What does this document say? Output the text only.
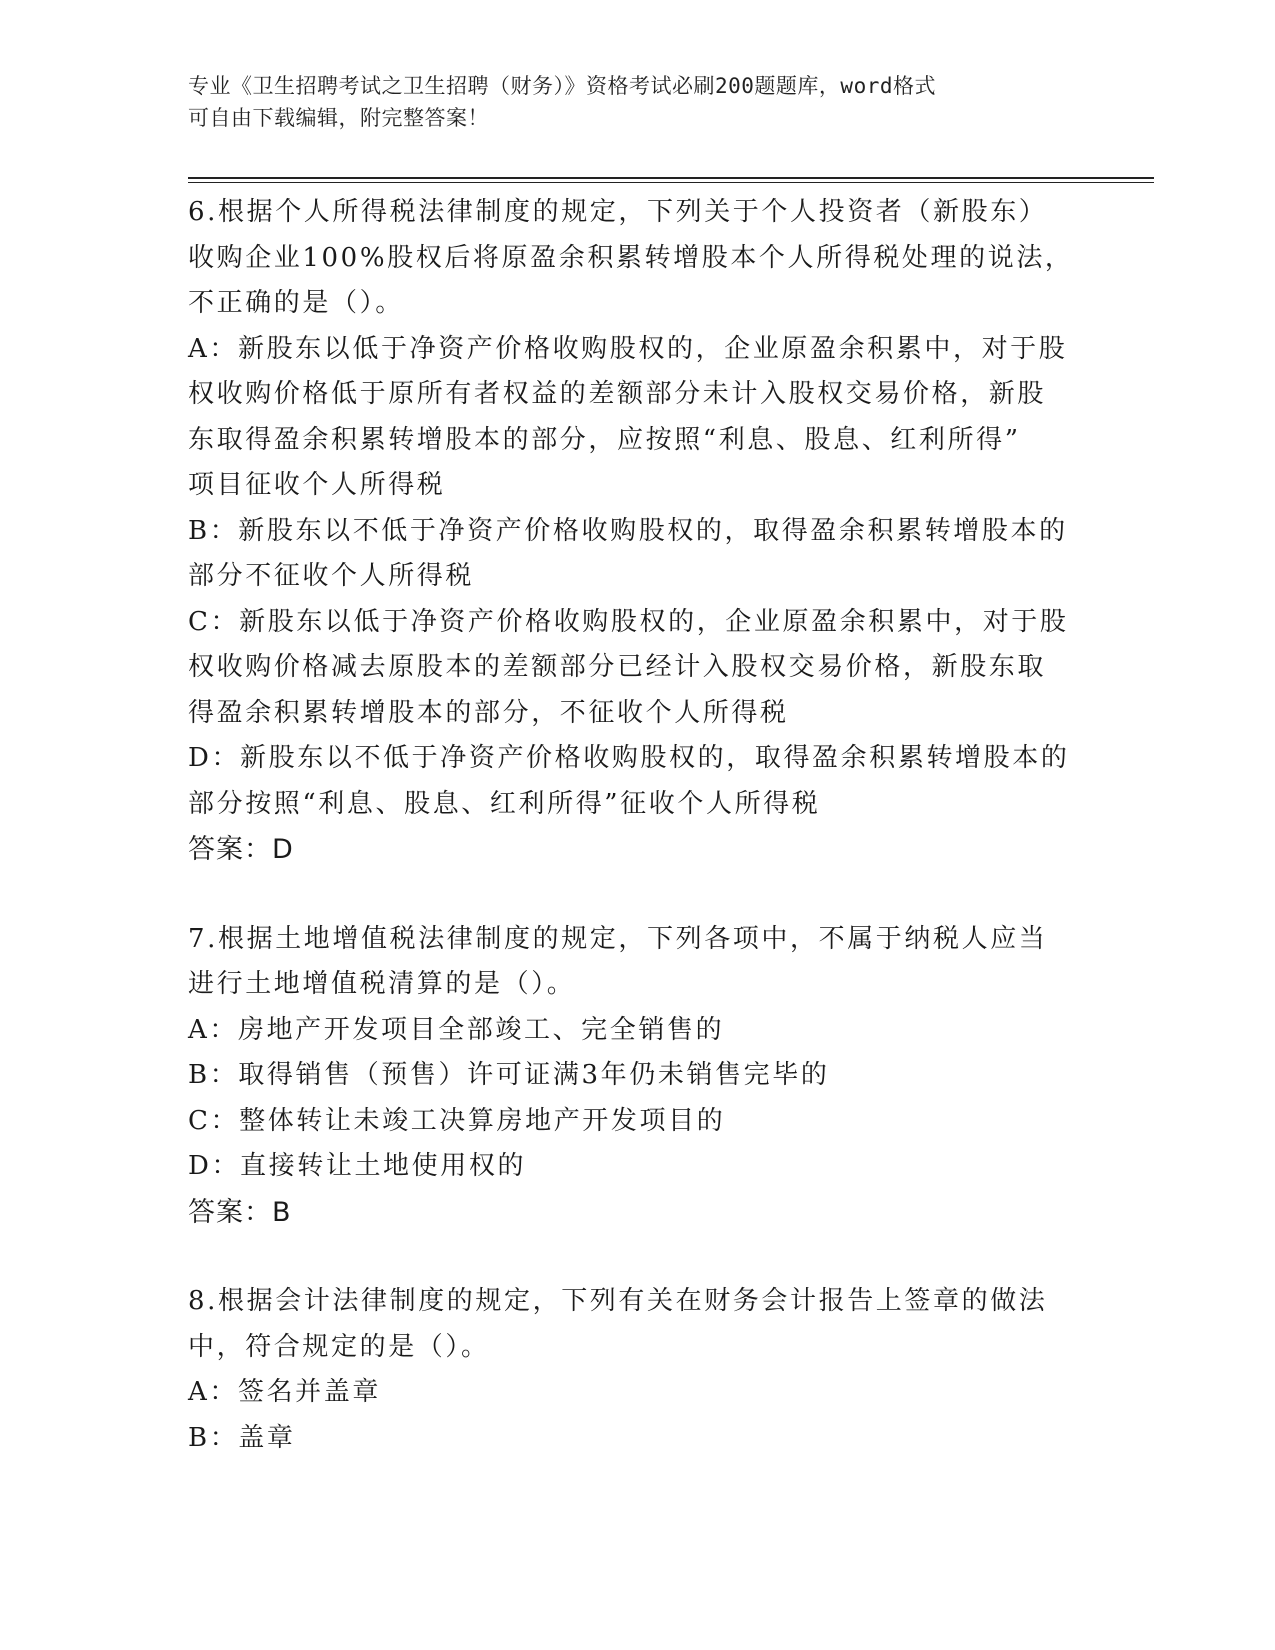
专业《卫生招聘考试之卫生招聘（财务）》资格考试必刷200题题库，word格式
可自由下载编辑，附完整答案！
6.根据个人所得税法律制度的规定，下列关于个人投资者（新股东）
收购企业100%股权后将原盈余积累转增股本个人所得税处理的说法，
不正确的是（）。
A：新股东以低于净资产价格收购股权的，企业原盈余积累中，对于股
权收购价格低于原所有者权益的差额部分未计入股权交易价格，新股
东取得盈余积累转增股本的部分，应按照“利息、股息、红利所得”
项目征收个人所得税
B：新股东以不低于净资产价格收购股权的，取得盈余积累转增股本的
部分不征收个人所得税
C：新股东以低于净资产价格收购股权的，企业原盈余积累中，对于股
权收购价格减去原股本的差额部分已经计入股权交易价格，新股东取
得盈余积累转增股本的部分，不征收个人所得税
D：新股东以不低于净资产价格收购股权的，取得盈余积累转增股本的
部分按照“利息、股息、红利所得”征收个人所得税
答案：D
7.根据土地增值税法律制度的规定，下列各项中，不属于纳税人应当
进行土地增值税清算的是（）。
A：房地产开发项目全部竣工、完全销售的
B：取得销售（预售）许可证满3年仍未销售完毕的
C：整体转让未竣工决算房地产开发项目的
D：直接转让土地使用权的
答案：B
8.根据会计法律制度的规定，下列有关在财务会计报告上签章的做法
中，符合规定的是（）。
A：签名并盖章
B：盖章
